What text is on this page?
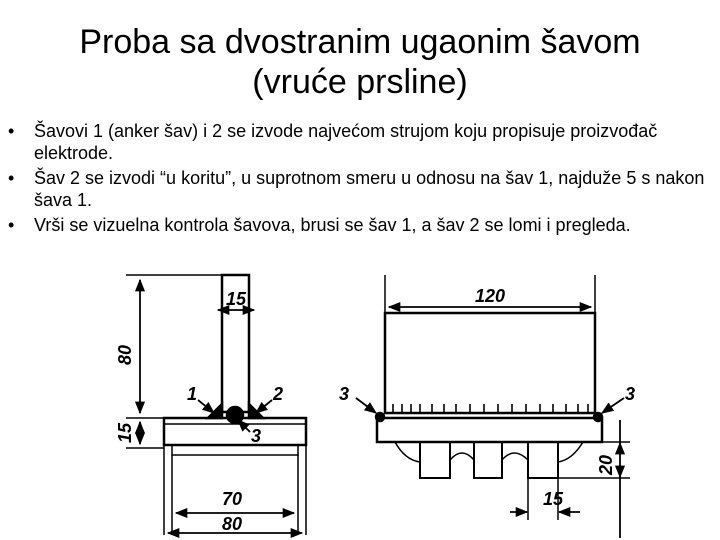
Proba sa dvostranim ugaonim šavom
(vruće prsline)
• Šavovi 1 (anker šav) i 2 se izvode najvećom strujom koju propisuje proizvođač elektrode.
• Šav 2 se izvodi “u koritu”, u suprotnom smeru u odnosu na šav 1, najduže 5 s nakon šava 1.
• Vrši se vizuelna kontrola šavova, brusi se šav 1, a šav 2 se lomi i pregleda.
15
80
15
70
80
1	2
3
120
20
15
3	3
